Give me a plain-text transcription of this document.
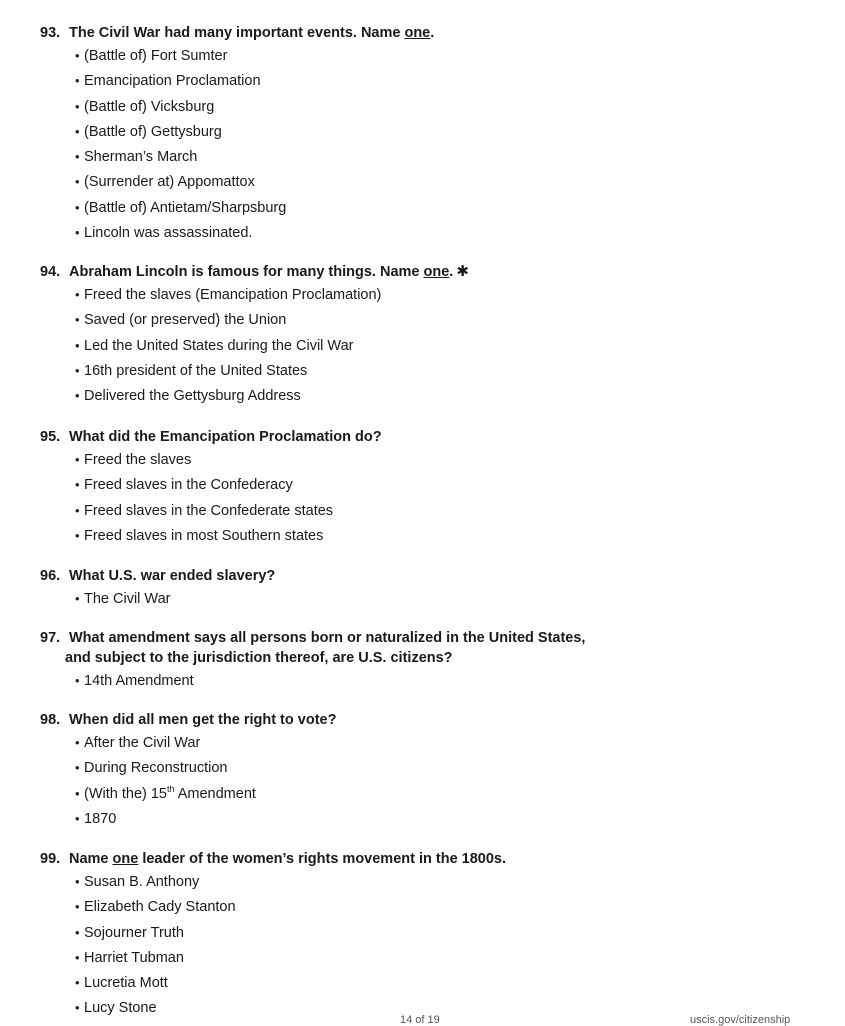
93. The Civil War had many important events. Name one.

• (Battle of) Fort Sumter
• Emancipation Proclamation
• (Battle of) Vicksburg
• (Battle of) Gettysburg
• Sherman’s March
• (Surrender at) Appomattox
• (Battle of) Antietam/Sharpsburg
• Lincoln was assassinated.

94. Abraham Lincoln is famous for many things. Name one. ✱

• Freed the slaves (Emancipation Proclamation)
• Saved (or preserved) the Union
• Led the United States during the Civil War
• 16th president of the United States
• Delivered the Gettysburg Address

95. What did the Emancipation Proclamation do?

• Freed the slaves
• Freed slaves in the Confederacy
• Freed slaves in the Confederate states
• Freed slaves in most Southern states

96. What U.S. war ended slavery?

• The Civil War

97. What amendment says all persons born or naturalized in the United States,
and subject to the jurisdiction thereof, are U.S. citizens?

• 14th Amendment

98. When did all men get the right to vote?

• After the Civil War
• During Reconstruction
• (With the) 15th Amendment
• 1870

99. Name one leader of the women’s rights movement in the 1800s.

• Susan B. Anthony
• Elizabeth Cady Stanton
• Sojourner Truth
• Harriet Tubman
• Lucretia Mott
• Lucy Stone
14 of 19	uscis.gov/citizenship
